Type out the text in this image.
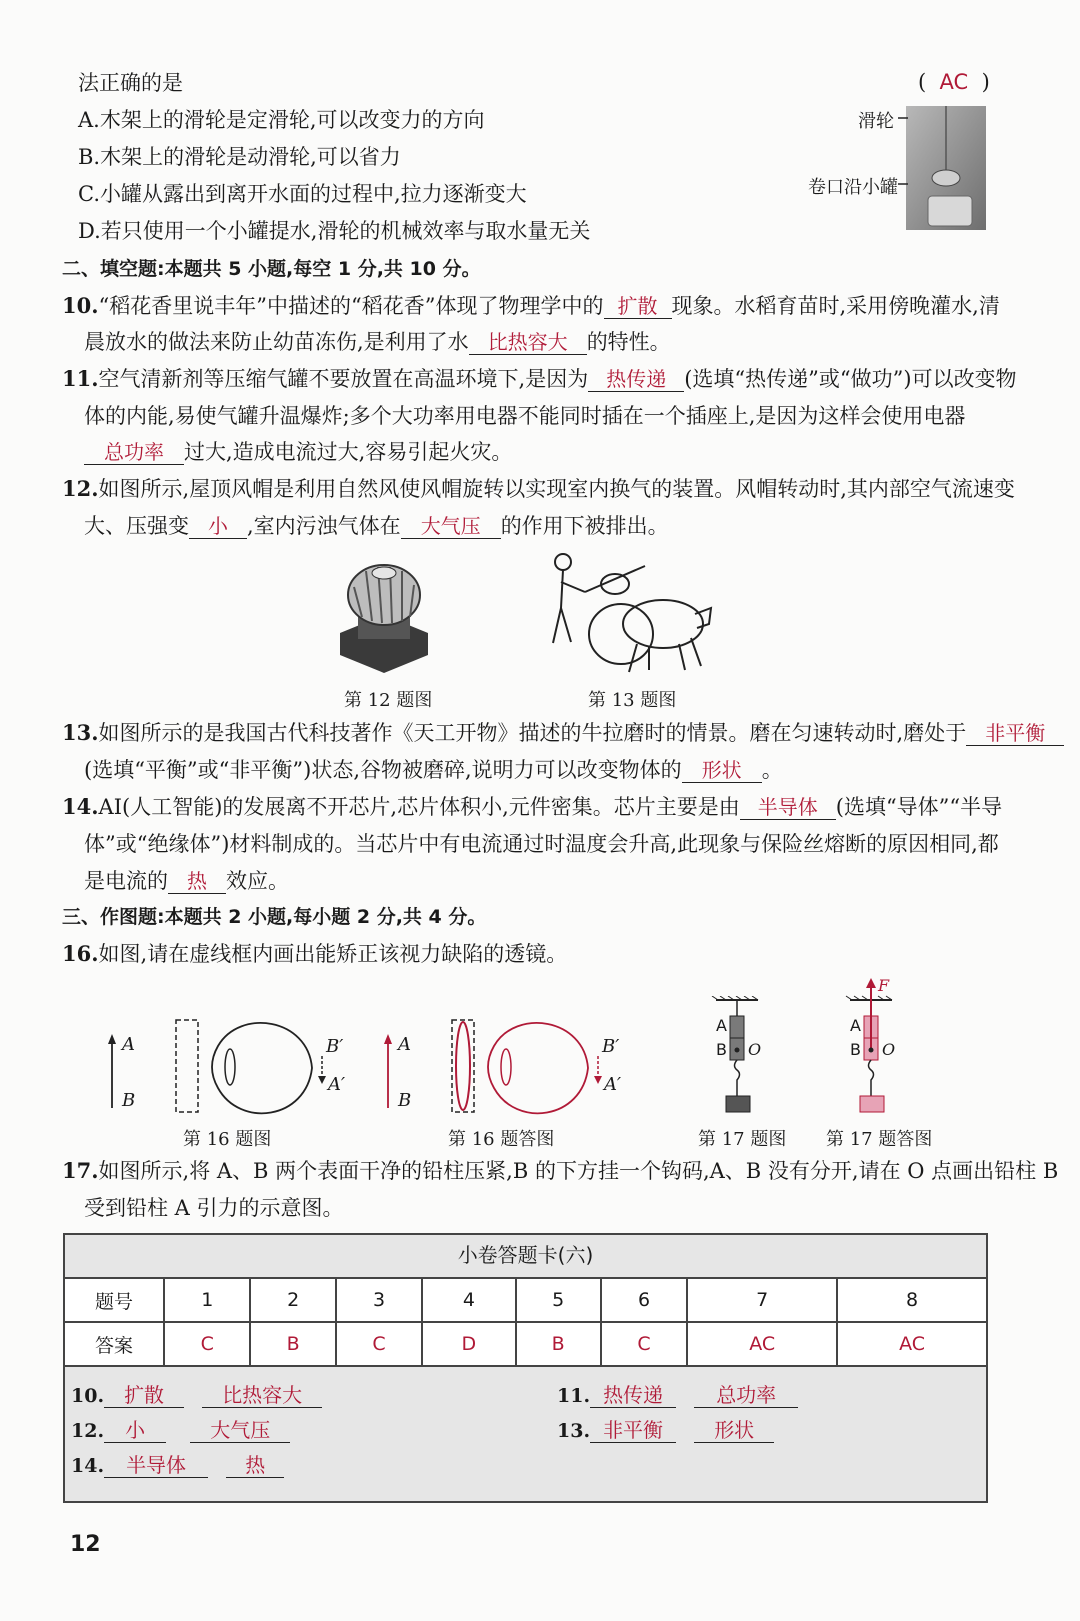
法正确的是	(  AC  )
A.木架上的滑轮是定滑轮,可以改变力的方向
B.木架上的滑轮是动滑轮,可以省力
C.小罐从露出到离开水面的过程中,拉力逐渐变大
D.若只使用一个小罐提水,滑轮的机械效率与取水量无关
滑轮
卷口沿小罐
二、填空题:本题共 5 小题,每空 1 分,共 10 分。
10.“稻花香里说丰年”中描述的“稻花香”体现了物理学中的 扩散 现象。水稻育苗时,采用傍晚灌水,清
晨放水的做法来防止幼苗冻伤,是利用了水 比热容大 的特性。
11.空气清新剂等压缩气罐不要放置在高温环境下,是因为 热传递 (选填“热传递”或“做功”)可以改变物
体的内能,易使气罐升温爆炸;多个大功率用电器不能同时插在一个插座上,是因为这样会使用电器
总功率 过大,造成电流过大,容易引起火灾。
12.如图所示,屋顶风帽是利用自然风使风帽旋转以实现室内换气的装置。风帽转动时,其内部空气流速变
大、压强变 小 ,室内污浊气体在 大气压 的作用下被排出。
第 12 题图	第 13 题图
13.如图所示的是我国古代科技著作《天工开物》描述的牛拉磨时的情景。磨在匀速转动时,磨处于 非平衡
(选填“平衡”或“非平衡”)状态,谷物被磨碎,说明力可以改变物体的 形状 。
14.AI(人工智能)的发展离不开芯片,芯片体积小,元件密集。芯片主要是由 半导体 (选填“导体”“半导
体”或“绝缘体”)材料制成的。当芯片中有电流通过时温度会升高,此现象与保险丝熔断的原因相同,都
是电流的 热 效应。
三、作图题:本题共 2 小题,每小题 2 分,共 4 分。
16.如图,请在虚线框内画出能矫正该视力缺陷的透镜。
A
B
B′
A′
A
B
B′
A′
A
B O
F
A
B O
第 16 题图	第 16 题答图	第 17 题图 第 17 题答图
17.如图所示,将 A、B 两个表面干净的铅柱压紧,B 的下方挂一个钩码,A、B 没有分开,请在 O 点画出铅柱 B
受到铅柱 A 引力的示意图。
小卷答题卡(六)
题号	1	2	3	4	5	6	7	8
答案	C	B	C	D	B	C	AC	AC
10. 扩散	比热容大	11. 热传递	总功率
12. 小	大气压	13. 非平衡	形状
14. 半导体	热
12
